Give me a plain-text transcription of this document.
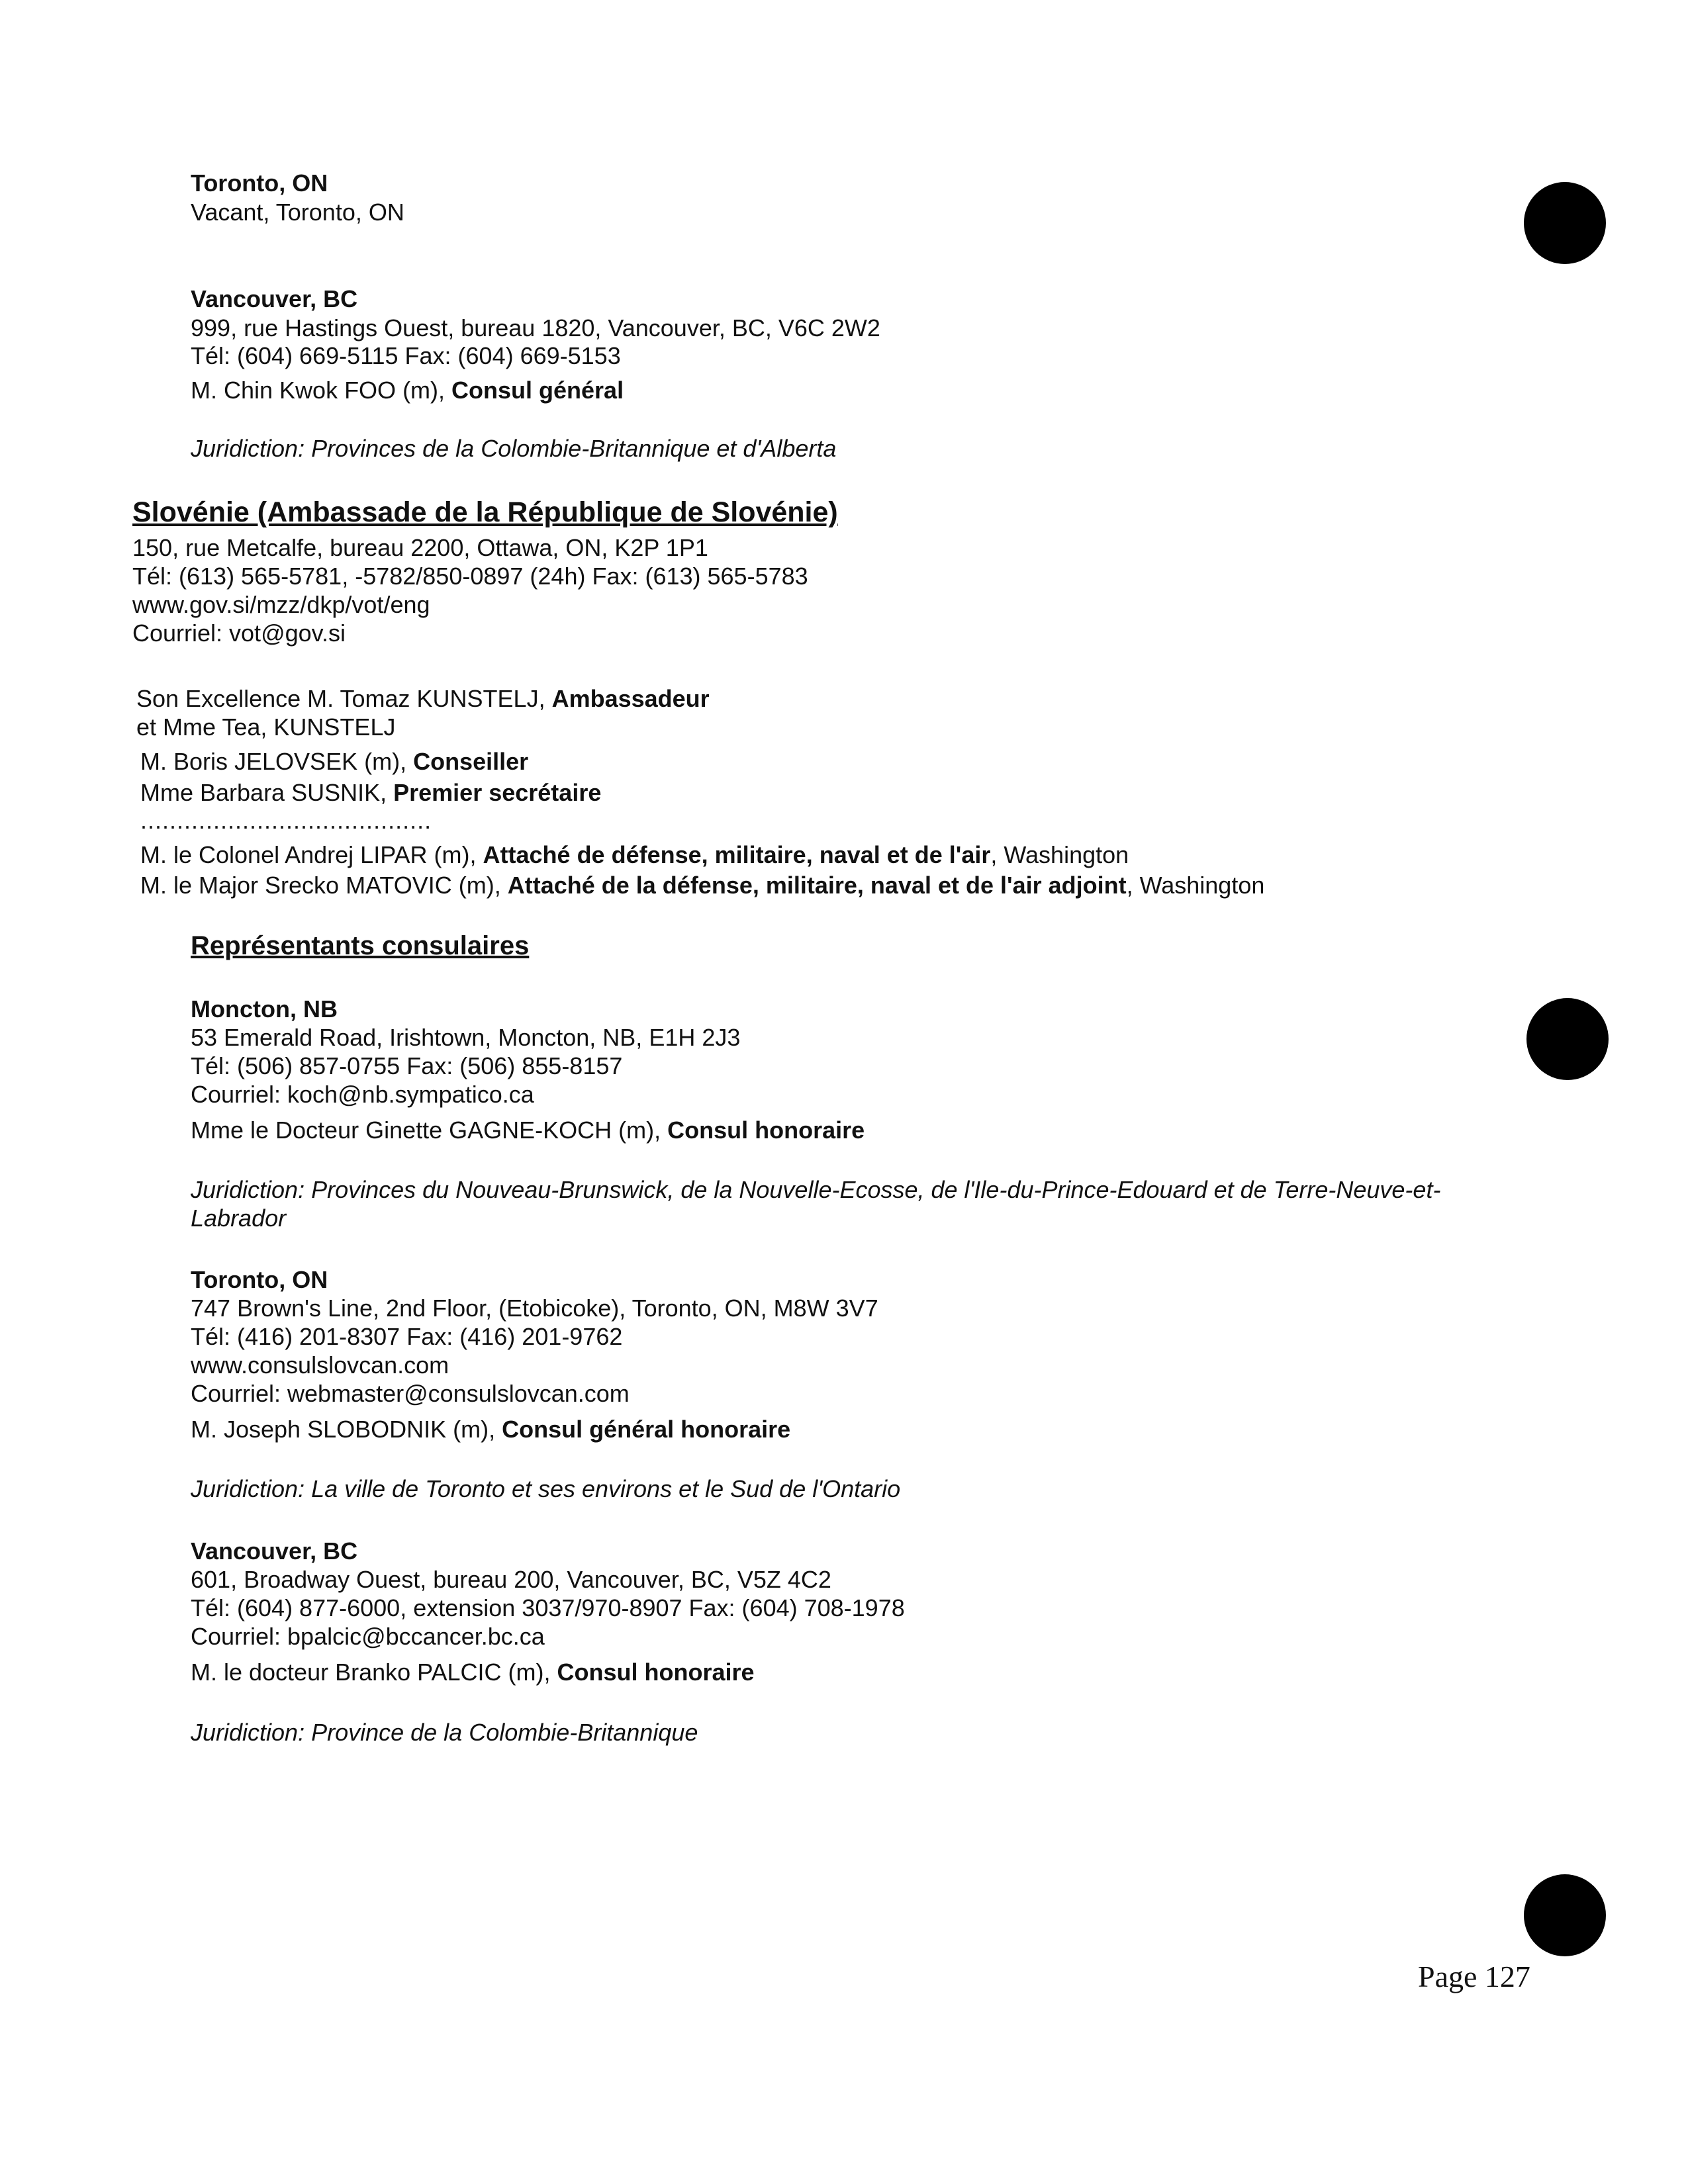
Toronto, ON
Vacant, Toronto, ON
Vancouver, BC
999, rue Hastings Ouest, bureau 1820, Vancouver, BC, V6C 2W2
Tél: (604) 669-5115 Fax: (604) 669-5153
M. Chin Kwok FOO (m), Consul général
Juridiction: Provinces de la Colombie-Britannique et d'Alberta
Slovénie (Ambassade de la République de Slovénie)
150, rue Metcalfe, bureau 2200, Ottawa, ON, K2P 1P1
Tél: (613) 565-5781, -5782/850-0897 (24h) Fax: (613) 565-5783
www.gov.si/mzz/dkp/vot/eng
Courriel: vot@gov.si
Son Excellence M. Tomaz KUNSTELJ, Ambassadeur
et Mme Tea, KUNSTELJ
M. Boris JELOVSEK (m), Conseiller
Mme Barbara SUSNIK, Premier secrétaire
........................................
M. le Colonel Andrej LIPAR (m), Attaché de défense, militaire, naval et de l'air, Washington
M. le Major Srecko MATOVIC (m), Attaché de la défense, militaire, naval et de l'air adjoint, Washington
Représentants consulaires
Moncton, NB
53 Emerald Road, Irishtown, Moncton, NB, E1H 2J3
Tél: (506) 857-0755 Fax: (506) 855-8157
Courriel: koch@nb.sympatico.ca
Mme le Docteur Ginette GAGNE-KOCH (m), Consul honoraire
Juridiction: Provinces du Nouveau-Brunswick, de la Nouvelle-Ecosse, de l'Ile-du-Prince-Edouard et de Terre-Neuve-et-
Labrador
Toronto, ON
747 Brown's Line, 2nd Floor, (Etobicoke), Toronto, ON, M8W 3V7
Tél: (416) 201-8307 Fax: (416) 201-9762
www.consulslovcan.com
Courriel: webmaster@consulslovcan.com
M. Joseph SLOBODNIK (m), Consul général honoraire
Juridiction: La ville de Toronto et ses environs et le Sud de l'Ontario
Vancouver, BC
601, Broadway Ouest, bureau 200, Vancouver, BC, V5Z 4C2
Tél: (604) 877-6000, extension 3037/970-8907 Fax: (604) 708-1978
Courriel: bpalcic@bccancer.bc.ca
M. le docteur Branko PALCIC (m), Consul honoraire
Juridiction: Province de la Colombie-Britannique
Page 127
